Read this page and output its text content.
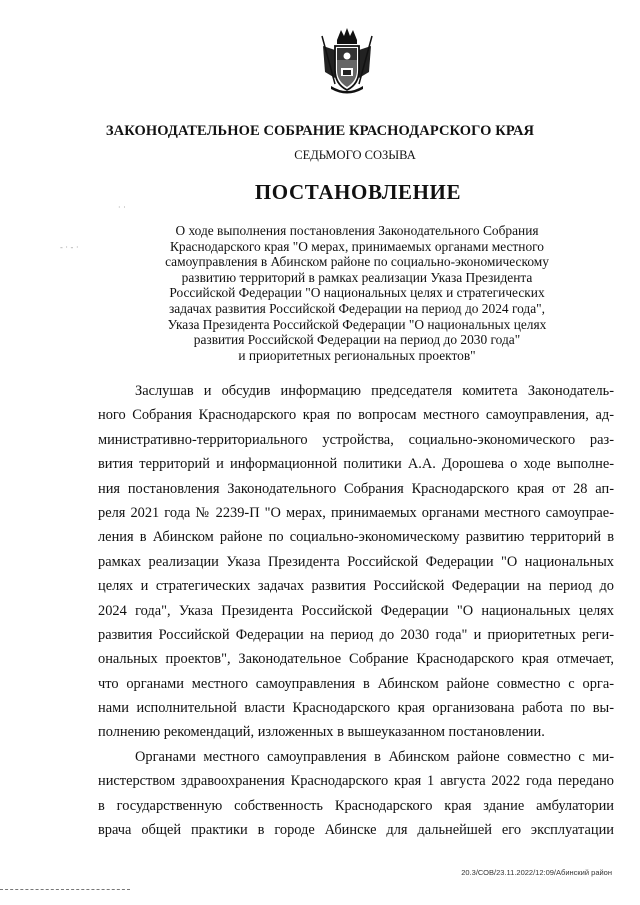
ЗАКОНОДАТЕЛЬНОЕ СОБРАНИЕ КРАСНОДАРСКОГО КРАЯ
СЕДЬМОГО СОЗЫВА
ПОСТАНОВЛЕНИЕ
· ·
- · - ·
О ходе выполнения постановления Законодательного Собрания
Краснодарского края "О мерах, принимаемых органами местного
самоуправления в Абинском районе по социально-экономическому
развитию территорий в рамках реализации Указа Президента
Российской Федерации "О национальных целях и стратегических
задачах развития Российской Федерации на период до 2024 года",
Указа Президента Российской Федерации "О национальных целях
развития Российской Федерации на период до 2030 года"
и приоритетных региональных проектов"

Заслушав и обсудив информацию председателя комитета Законодатель-
ного Собрания Краснодарского края по вопросам местного самоуправления, ад-
министративно-территориального устройства, социально-экономического раз-
вития территорий и информационной политики А.А. Дорошева о ходе выполне-
ния постановления Законодательного Собрания Краснодарского края от 28 ап-
реля 2021 года № 2239-П "О мерах, принимаемых органами местного самоупрае-
ления в Абинском районе по социально-экономическому развитию территорий в
рамках реализации Указа Президента Российской Федерации "О национальных
целях и стратегических задачах развития Российской Федерации на период до
2024 года", Указа Президента Российской Федерации "О национальных целях
развития Российской Федерации на период до 2030 года" и приоритетных реги-
ональных проектов", Законодательное Собрание Краснодарского края отмечает,
что органами местного самоуправления в Абинском районе совместно с орга-
нами исполнительной власти Краснодарского края организована работа по вы-
полнению рекомендаций, изложенных в вышеуказанном постановлении.

Органами местного самоуправления в Абинском районе совместно с ми-
нистерством здравоохранения Краснодарского края 1 августа 2022 года передано
в государственную собственность Краснодарского края здание амбулатории
врача общей практики в городе Абинске для дальнейшей его эксплуатации

20.3/СОВ/23.11.2022/12:09/Абинский район
